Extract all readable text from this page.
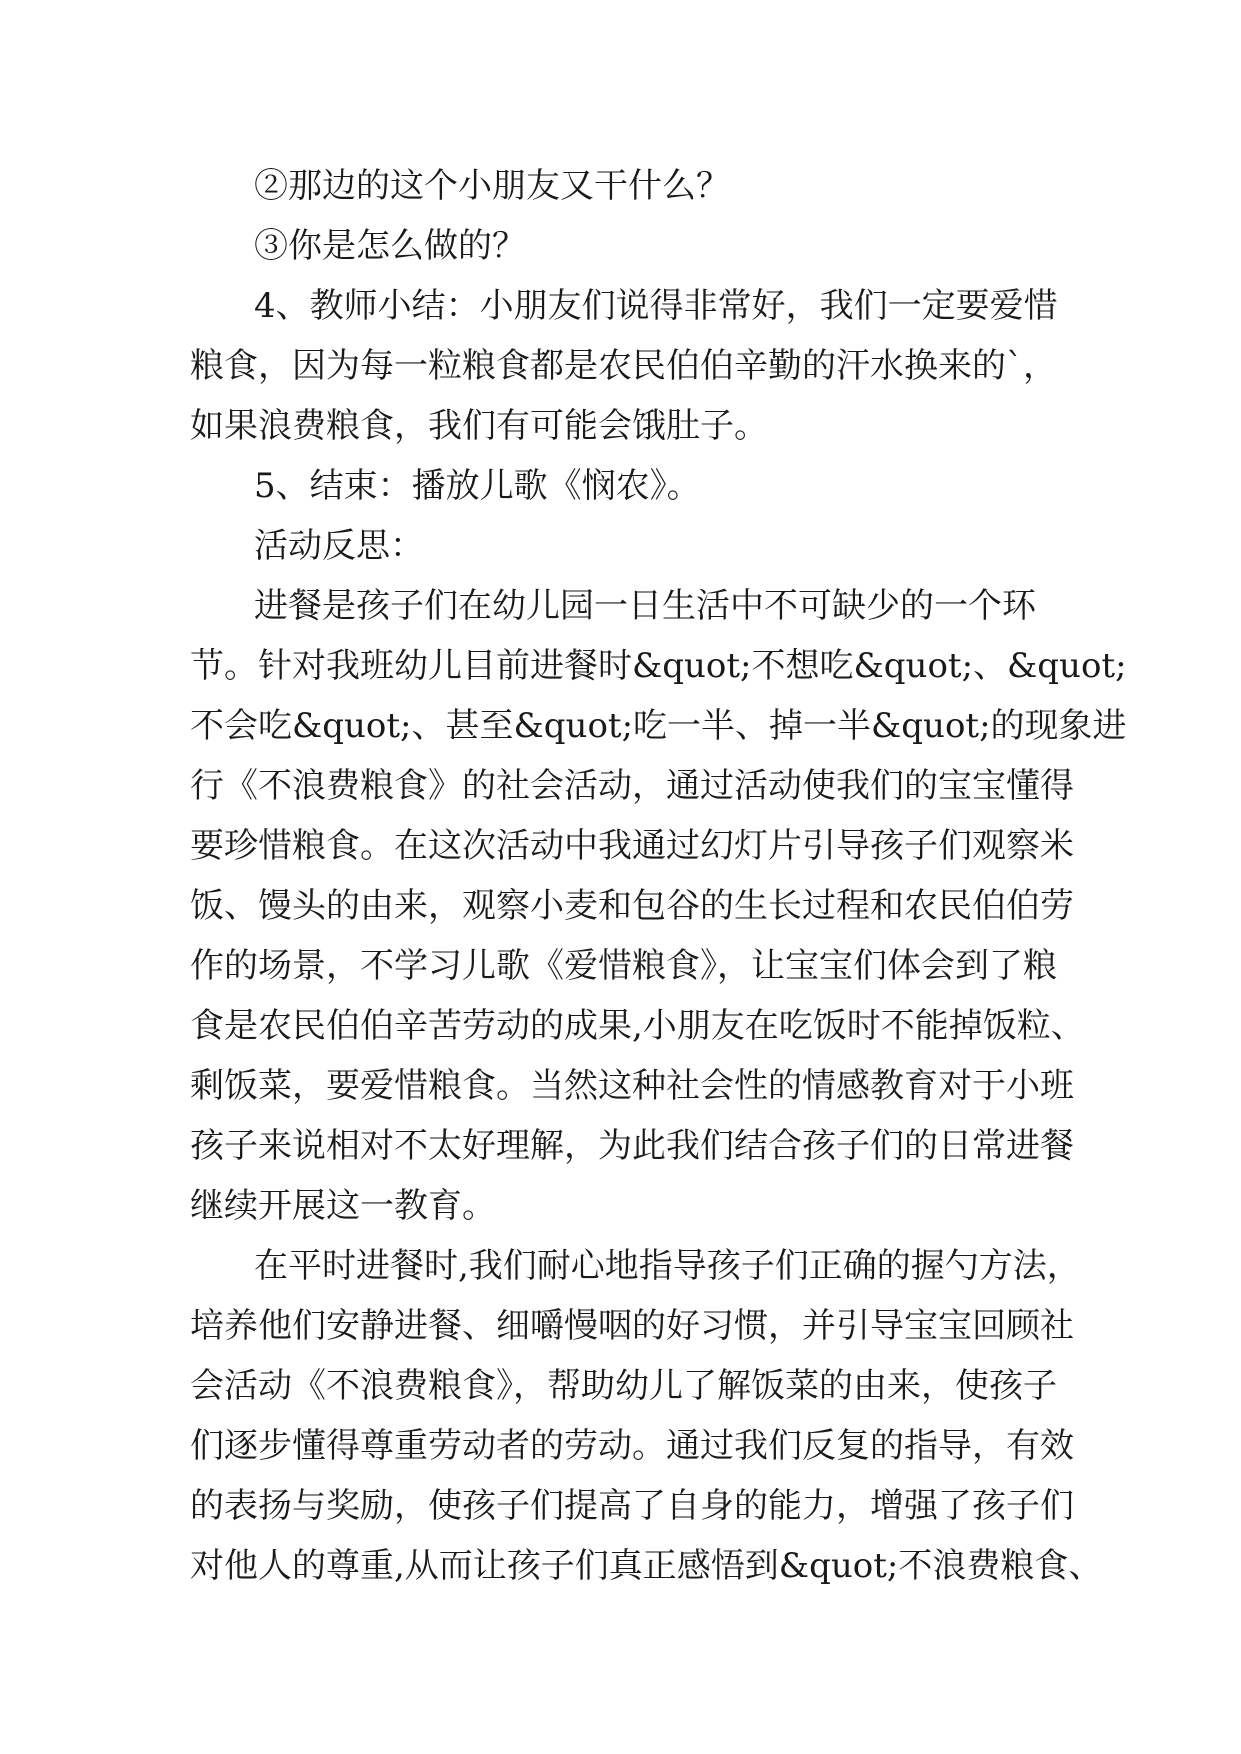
②那边的这个小朋友又干什么？
③你是怎么做的？
4、教师小结：小朋友们说得非常好，我们一定要爱惜
粮食，因为每一粒粮食都是农民伯伯辛勤的汗水换来的`，
如果浪费粮食，我们有可能会饿肚子。
5、结束：播放儿歌《悯农》。
活动反思：
进餐是孩子们在幼儿园一日生活中不可缺少的一个环
节。针对我班幼儿目前进餐时&quot;不想吃&quot;、&quot;
不会吃&quot;、甚至&quot;吃一半、掉一半&quot;的现象进
行《不浪费粮食》的社会活动，通过活动使我们的宝宝懂得
要珍惜粮食。在这次活动中我通过幻灯片引导孩子们观察米
饭、馒头的由来，观察小麦和包谷的生长过程和农民伯伯劳
作的场景，不学习儿歌《爱惜粮食》，让宝宝们体会到了粮
食是农民伯伯辛苦劳动的成果,小朋友在吃饭时不能掉饭粒、
剩饭菜，要爱惜粮食。当然这种社会性的情感教育对于小班
孩子来说相对不太好理解，为此我们结合孩子们的日常进餐
继续开展这一教育。
在平时进餐时,我们耐心地指导孩子们正确的握勺方法，
培养他们安静进餐、细嚼慢咽的好习惯，并引导宝宝回顾社
会活动《不浪费粮食》，帮助幼儿了解饭菜的由来，使孩子
们逐步懂得尊重劳动者的劳动。通过我们反复的指导，有效
的表扬与奖励，使孩子们提高了自身的能力，增强了孩子们
对他人的尊重,从而让孩子们真正感悟到&quot;不浪费粮食、
